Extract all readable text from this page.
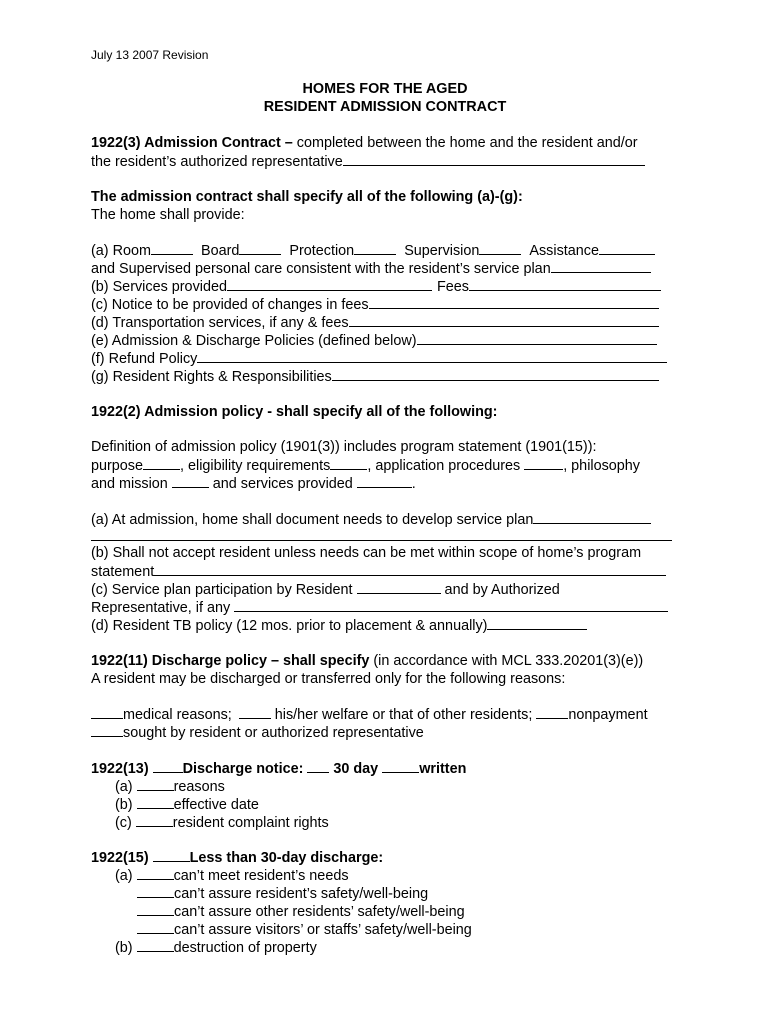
July 13 2007 Revision
HOMES FOR THE AGED
RESIDENT ADMISSION CONTRACT
1922(3) Admission Contract – completed between the home and the resident and/or
the resident’s authorized representative
The admission contract shall specify all of the following (a)-(g):
The home shall provide:
(a) Room	Board	Protection	Supervision	Assistance
and Supervised personal care consistent with the resident’s service plan
(b) Services provided	Fees
(c) Notice to be provided of changes in fees
(d) Transportation services, if any & fees
(e) Admission & Discharge Policies (defined below)
(f) Refund Policy
(g) Resident Rights & Responsibilities
1922(2) Admission policy - shall specify all of the following:
Definition of admission policy (1901(3)) includes program statement (1901(15)):
purpose	, eligibility requirements	, application procedures	, philosophy
and mission	and services provided	.
(a) At admission, home shall document needs to develop service plan
(b) Shall not accept resident unless needs can be met within scope of home’s program
statement
(c) Service plan participation by Resident	and by Authorized
Representative, if any
(d) Resident TB policy (12 mos. prior to placement & annually)
1922(11) Discharge policy – shall specify (in accordance with MCL 333.20201(3)(e))
A resident may be discharged or transferred only for the following reasons:
medical reasons;	his/her welfare or that of other residents;	nonpayment
sought by resident or authorized representative
1922(13) Discharge notice: 30 day	written
(a)	reasons
(b)	effective date
(c)	resident complaint rights
1922(15)	Less than 30-day discharge:
(a)	can’t meet resident’s needs
can’t assure resident’s safety/well-being
can’t assure other residents’ safety/well-being
can’t assure visitors’ or staffs’ safety/well-being
(b)	destruction of property
